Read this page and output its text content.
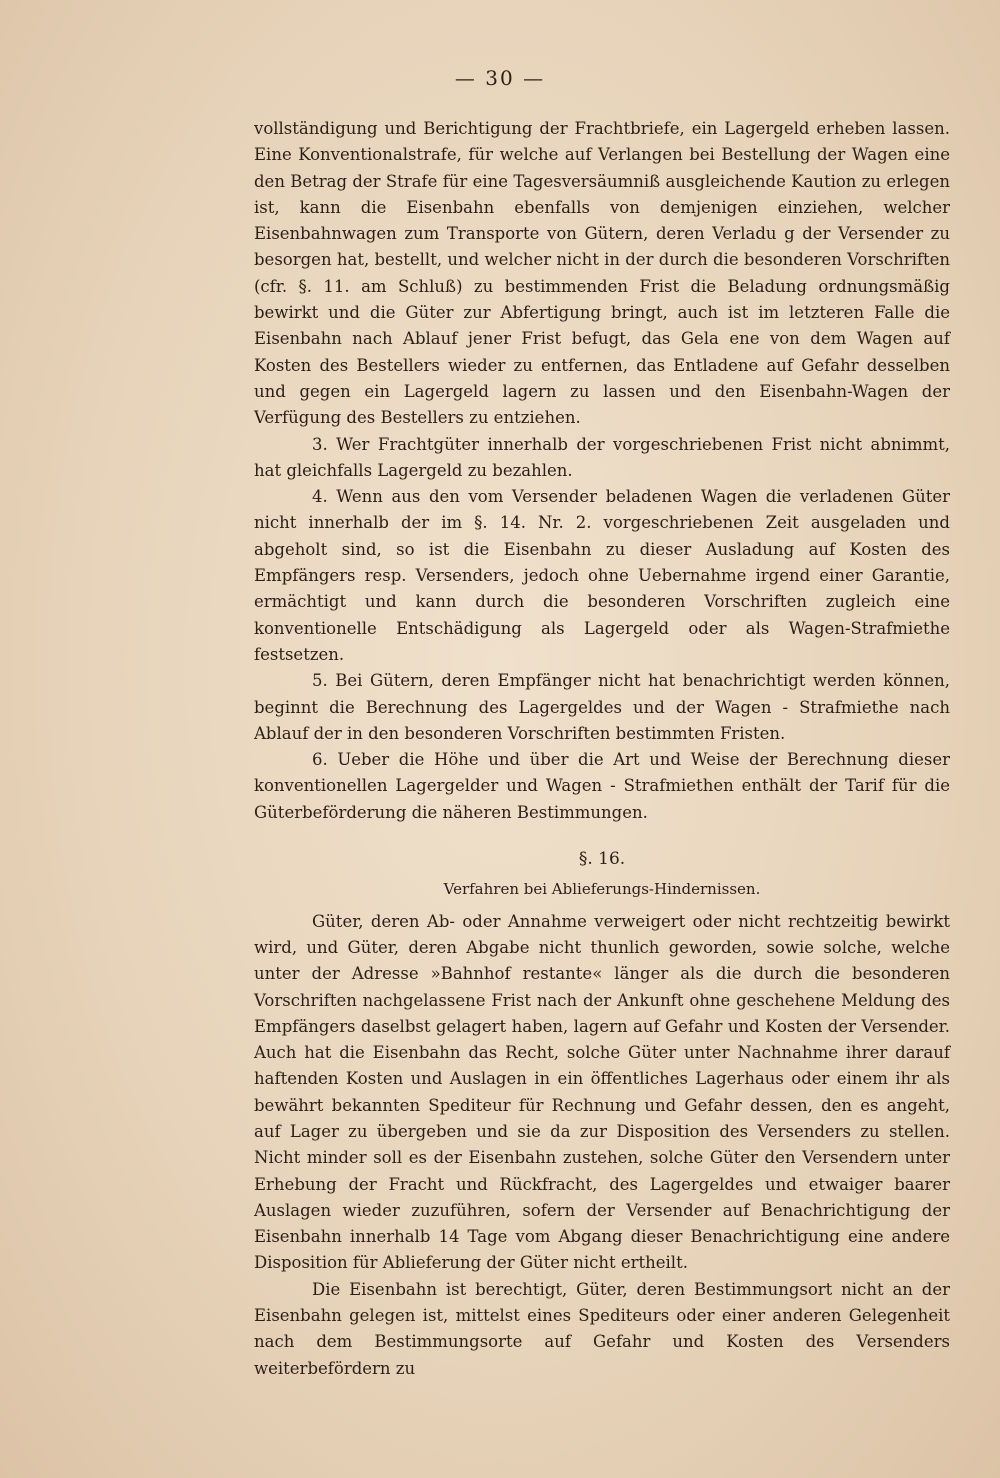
— 30 —

vollständigung und Berichtigung der Frachtbriefe, ein Lagergeld erheben lassen. Eine Konventionalstrafe, für welche auf Verlangen bei Bestellung der Wagen eine den Betrag der Strafe für eine Tagesversäumniß ausgleichende Kaution zu erlegen ist, kann die Eisenbahn ebenfalls von demjenigen einziehen, welcher Eisenbahnwagen zum Transporte von Gütern, deren Verladu g der Versender zu besorgen hat, bestellt, und welcher nicht in der durch die besonderen Vorschriften (cfr. §. 11. am Schluß) zu bestimmenden Frist die Beladung ordnungsmäßig bewirkt und die Güter zur Abfertigung bringt, auch ist im letzteren Falle die Eisenbahn nach Ablauf jener Frist befugt, das Gela ene von dem Wagen auf Kosten des Bestellers wieder zu entfernen, das Entladene auf Gefahr desselben und gegen ein Lagergeld lagern zu lassen und den Eisenbahn-Wagen der Verfügung des Bestellers zu entziehen.

3. Wer Frachtgüter innerhalb der vorgeschriebenen Frist nicht abnimmt, hat gleichfalls Lagergeld zu bezahlen.

4. Wenn aus den vom Versender beladenen Wagen die verladenen Güter nicht innerhalb der im §. 14. Nr. 2. vorgeschriebenen Zeit ausgeladen und abgeholt sind, so ist die Eisenbahn zu dieser Ausladung auf Kosten des Empfängers resp. Versenders, jedoch ohne Uebernahme irgend einer Garantie, ermächtigt und kann durch die besonderen Vorschriften zugleich eine konventionelle Entschädigung als Lagergeld oder als Wagen-Strafmiethe festsetzen.

5. Bei Gütern, deren Empfänger nicht hat benachrichtigt werden können, beginnt die Berechnung des Lagergeldes und der Wagen - Strafmiethe nach Ablauf der in den besonderen Vorschriften bestimmten Fristen.

6. Ueber die Höhe und über die Art und Weise der Berechnung dieser konventionellen Lagergelder und Wagen - Strafmiethen enthält der Tarif für die Güterbeförderung die näheren Bestimmungen.

§. 16.

Verfahren bei Ablieferungs-Hindernissen.

Güter, deren Ab- oder Annahme verweigert oder nicht rechtzeitig bewirkt wird, und Güter, deren Abgabe nicht thunlich geworden, sowie solche, welche unter der Adresse »Bahnhof restante« länger als die durch die besonderen Vorschriften nachgelassene Frist nach der Ankunft ohne geschehene Meldung des Empfängers daselbst gelagert haben, lagern auf Gefahr und Kosten der Versender. Auch hat die Eisenbahn das Recht, solche Güter unter Nachnahme ihrer darauf haftenden Kosten und Auslagen in ein öffentliches Lagerhaus oder einem ihr als bewährt bekannten Spediteur für Rechnung und Gefahr dessen, den es angeht, auf Lager zu übergeben und sie da zur Disposition des Versenders zu stellen. Nicht minder soll es der Eisenbahn zustehen, solche Güter den Versendern unter Erhebung der Fracht und Rückfracht, des Lagergeldes und etwaiger baarer Auslagen wieder zuzuführen, sofern der Versender auf Benachrichtigung der Eisenbahn innerhalb 14 Tage vom Abgang dieser Benachrichtigung eine andere Disposition für Ablieferung der Güter nicht ertheilt.

Die Eisenbahn ist berechtigt, Güter, deren Bestimmungsort nicht an der Eisenbahn gelegen ist, mittelst eines Spediteurs oder einer anderen Gelegenheit nach dem Bestimmungsorte auf Gefahr und Kosten des Versenders weiterbefördern zu
